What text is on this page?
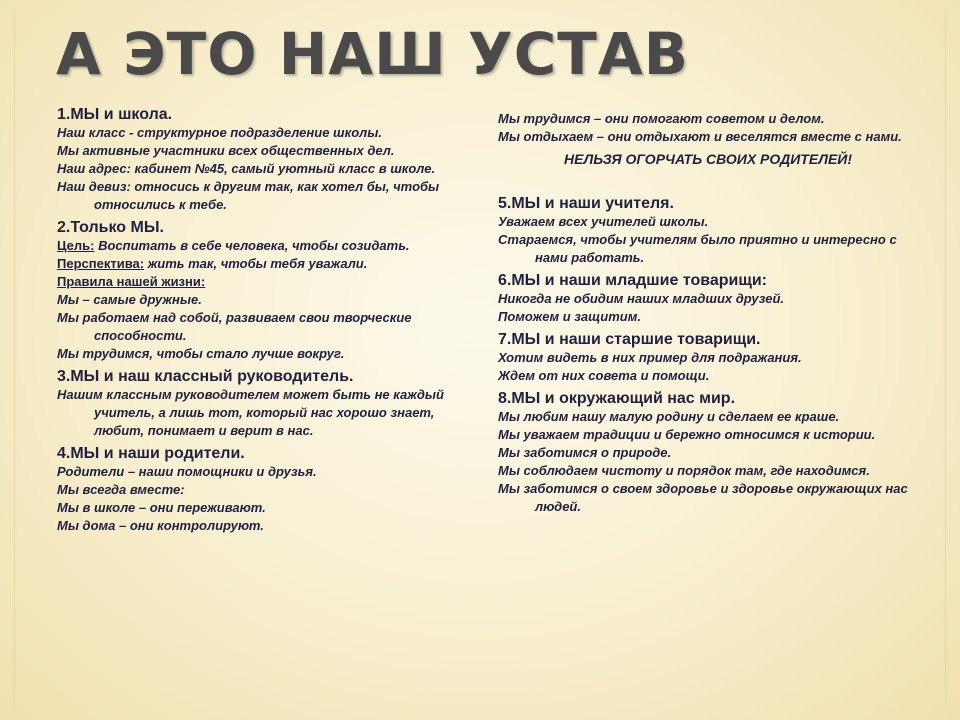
А ЭТО НАШ УСТАВ

1.МЫ и школа.

Наш класс - структурное подразделение школы.

Мы активные участники всех общественных дел.

Наш адрес: кабинет №45, самый уютный класс в школе.

Наш девиз: относись к другим так, как хотел бы, чтобы относились к тебе.

2.Только МЫ.

Цель: Воспитать в себе человека, чтобы созидать.

Перспектива: жить так, чтобы тебя уважали.

Правила нашей жизни:

Мы – самые дружные.

Мы работаем над собой, развиваем свои творческие способности.

Мы трудимся, чтобы стало лучше вокруг.

3.МЫ и наш классный руководитель.

Нашим классным руководителем может быть не каждый учитель, а лишь тот, который нас хорошо знает, любит, понимает и верит в нас.

4.МЫ и наши родители.

Родители – наши помощники и друзья.

Мы всегда вместе:

Мы в школе – они переживают.

Мы дома – они контролируют.

Мы трудимся – они помогают советом и делом.

Мы отдыхаем – они отдыхают и веселятся вместе с нами.

НЕЛЬЗЯ ОГОРЧАТЬ СВОИХ РОДИТЕЛЕЙ!

5.МЫ и наши учителя.

Уважаем всех учителей школы.

Стараемся, чтобы учителям было приятно и интересно с нами работать.

6.МЫ и наши младшие товарищи:

Никогда не обидим наших младших друзей.

Поможем и защитим.

7.МЫ и наши старшие товарищи.

Хотим видеть в них пример для подражания.

Ждем от них совета и помощи.

8.МЫ и окружающий нас мир.

Мы любим нашу малую родину и сделаем ее краше.

Мы уважаем традиции и бережно относимся к истории.

Мы заботимся о природе.

Мы соблюдаем чистоту и порядок там, где находимся.

Мы заботимся о своем здоровье и здоровье окружающих нас людей.
